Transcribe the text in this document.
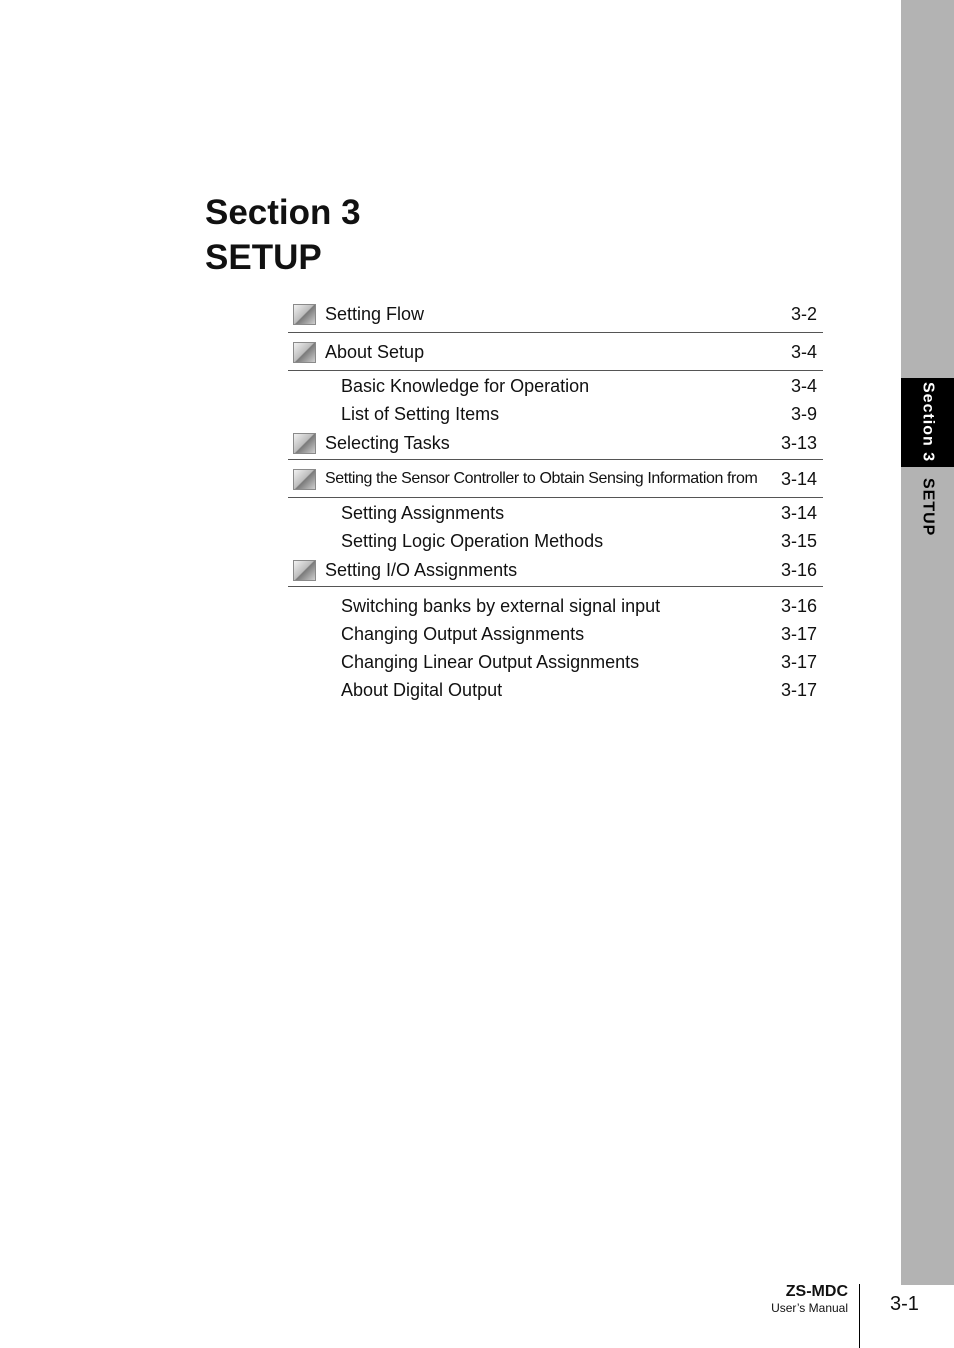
Section 3
SETUP
Section 3
SETUP
Setting Flow	3-2
About Setup	3-4
Basic Knowledge for Operation	3-4
List of Setting Items	3-9
Selecting Tasks	3-13
Setting the Sensor Controller to Obtain Sensing Information from 3-14
Setting Assignments	3-14
Setting Logic Operation Methods	3-15
Setting I/O Assignments	3-16
Switching banks by external signal input	3-16
Changing Output Assignments	3-17
Changing Linear Output Assignments	3-17
About Digital Output	3-17
ZS-MDC
User’s Manual 3-1
